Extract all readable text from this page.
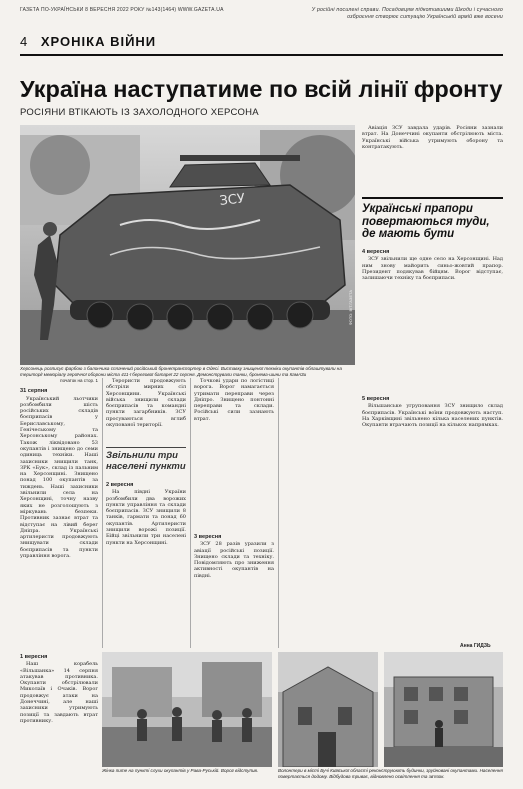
ГАЗЕТА ПО-УКРАЇНСЬКИ 8 ВЕРЕСНЯ 2022 РОКУ №143(1464) WWW.GAZETA.UA	У російні посилені справи. Посадовцям підкотившими Шкоди і сучасного озброєння створює ситуацію Українській армій вже восени
4 ХРОНІКА ВІЙНИ
Україна наступатиме по всій лінії фронту
РОСІЯНИ ВТІКАЮТЬ ІЗ ЗАХОЛОДНОГО ХЕРСОНА
ЗСУ
ФОТО: ВІТ.ГАЗЕТА
Херсонець розписує фарбою з балончика сплачений російський бронетранспортер в Одесі. Виставку знищеної техніки окупантів облаштували на території меморіалу героїчної оборони міста 411-ї берегової батареї 22 серпня. Демонстрували танки, бронема-шини та КамАЗи

початок на стор. 1

31 серпня

Український льотчики розбомбили шість російських складів боєприпасів у Бериславському, Генічеському та Херсонському районах. Також ліквідовано 53 окупантів і знищено до семи одиниць техніки. Наші захисники знищили танк, ЗРК «Бук», склад із пальним на Херсонщині. Знищено понад 100 окупантів за тиждень. Наші захисники звільнили села на Херсонщині, точну назву яких не розголошують з міркувань безпеки. Противник зазнає втрат та відступає на лівий берег Дніпра. Українські артилеристи продовжують знищувати склади боєприпасів та пункти управління ворога.

1 вересня

Наш корабель «Вільшанка» 14 серпня атакував противника. Окупанти обстрілювали Миколаїв і Очаків. Ворог продовжує атаки на Донеччині, але наші захисники утримують позиції та завдають втрат противнику.

Терористи продовжують обстріли мирних сіл Херсонщини. Українські війська знищили склади боєприпасів та командні пункти загарбників. ЗСУ просуваються вглиб окупованої території.

Звільнили три населені пункти

2 вересня

На півдні України розбомбили два ворожих пункти управління та склади боєприпасів. ЗСУ знищили 8 танків, гармати та понад 60 окупантів. Артилеристи знищили ворожі позиції. Бійці звільнили три населені пункти на Херсонщині.

Точкові удари по логістиці ворога. Ворог намагається утримати переправи через Дніпро. Знищено понтонні переправи та склади. Російські сили зазнають втрат.

3 вересня

ЗСУ 28 разів уразили з авіації російські позиції. Знищено склади та техніку. Повідомляють про зниження активності окупантів на півдні.

Авіація ЗСУ завдала ударів. Росіяни зазнали втрат. На Донеччині окупанти обстрілюють міста. Українські війська утримують оборону та контратакують.

Українські прапори повертаються туди, де мають бути

4 вересня

ЗСУ звільнили ще одне село на Херсонщині. Над ним знову майорить синьо-жовтий прапор. Президент подякував бійцям. Ворог відступає, залишаючи техніку та боєприпаси.

5 вересня

Вільшанське угруповання ЗСУ знищило склад боєприпасів. Українські воїни продовжують наступ. На Харківщині звільнено кілька населених пунктів. Окупанти втрачають позиції на кількох напрямках.

Анна ГИДЗЬ
Жінка пите на пункті слухи окупантів у Рава-Руській. Ворог відступив.	Волонтери в місті Бучі Київської області реконструюють будинки, зруйновані окупантами. Населення повертається додому. Відбудова триває, відновлено освітлення та зв'язок.
